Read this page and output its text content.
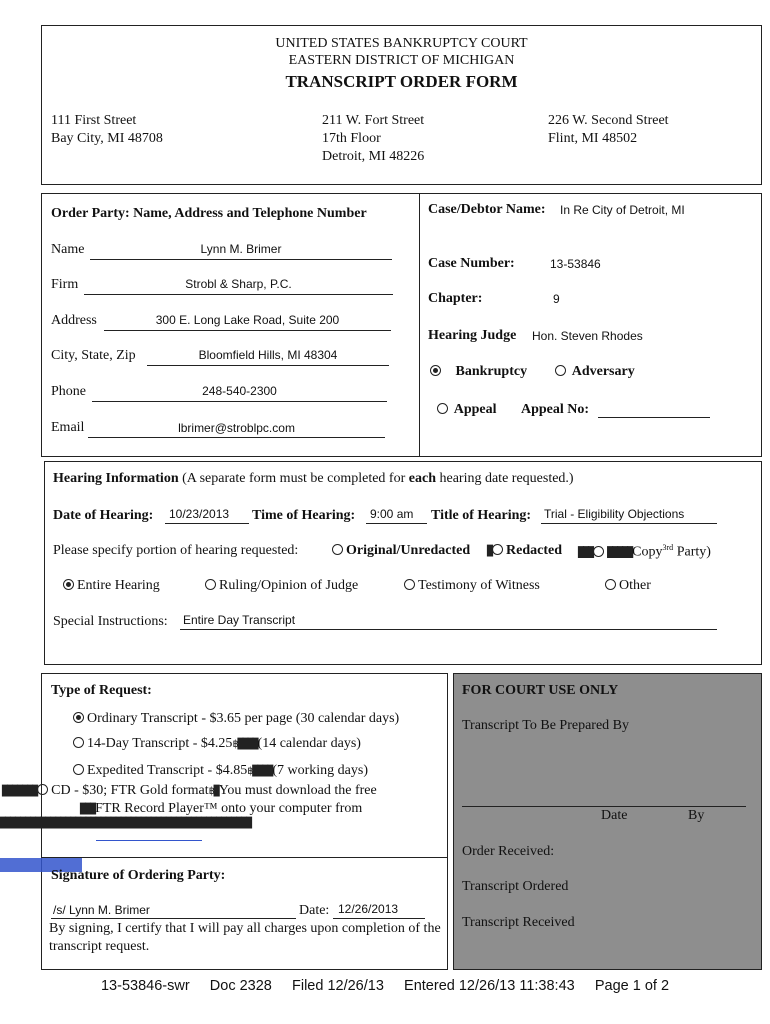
UNITED STATES BANKRUPTCY COURT
EASTERN DISTRICT OF MICHIGAN
TRANSCRIPT ORDER FORM
111 First Street
Bay City, MI 48708
211 W. Fort Street
17th Floor
Detroit, MI 48226
226 W. Second Street
Flint, MI 48502
Order Party: Name, Address and Telephone Number
Name	Lynn M. Brimer
Firm	Strobl & Sharp, P.C.
Address	300 E. Long Lake Road, Suite 200
City, State, Zip	Bloomfield Hills, MI 48304
Phone	248-540-2300
Email	lbrimer@stroblpc.com
Case/Debtor Name: In Re City of Detroit, MI
Case Number:	13-53846
Chapter:	9
Hearing Judge Hon. Steven Rhodes
Bankruptcy	Adversary
Appeal Appeal No:
Hearing Information (A separate form must be completed for each hearing date requested.)
Date of Hearing: 10/23/2013 Time of Hearing: 9:00 am Title of Hearing: Trial - Eligibility Objections
Please specify portion of hearing requested:	Original/Unredacted █ Redacted ███ █████Copy$^{3rd}$ Party)
Entire Hearing	Ruling/Opinion of Judge	Testimony of Witness	Other
Special Instructions: Entire Day Transcript
Type of Request:
Ordinary Transcript - $3.65 per page (30 calendar days)
14-Day Transcript - $4.25฿████(14 calendar days)
Expedited Transcript - $4.85฿████(7 working days)
███████ CD - $30; FTR Gold format฿█You must download the free
███FTR Record Player™ onto your computer from
██████████████████████████████████████████████████
Signature of Ordering Party:
/s/ Lynn M. Brimer	Date: 12/26/2013
By signing, I certify that I will pay all charges upon completion of the transcript request.
FOR COURT USE ONLY
Transcript To Be Prepared By
Date	By
Order Received:
Transcript Ordered
Transcript Received
13-53846-swr     Doc 2328     Filed 12/26/13     Entered 12/26/13 11:38:43     Page 1 of 2
